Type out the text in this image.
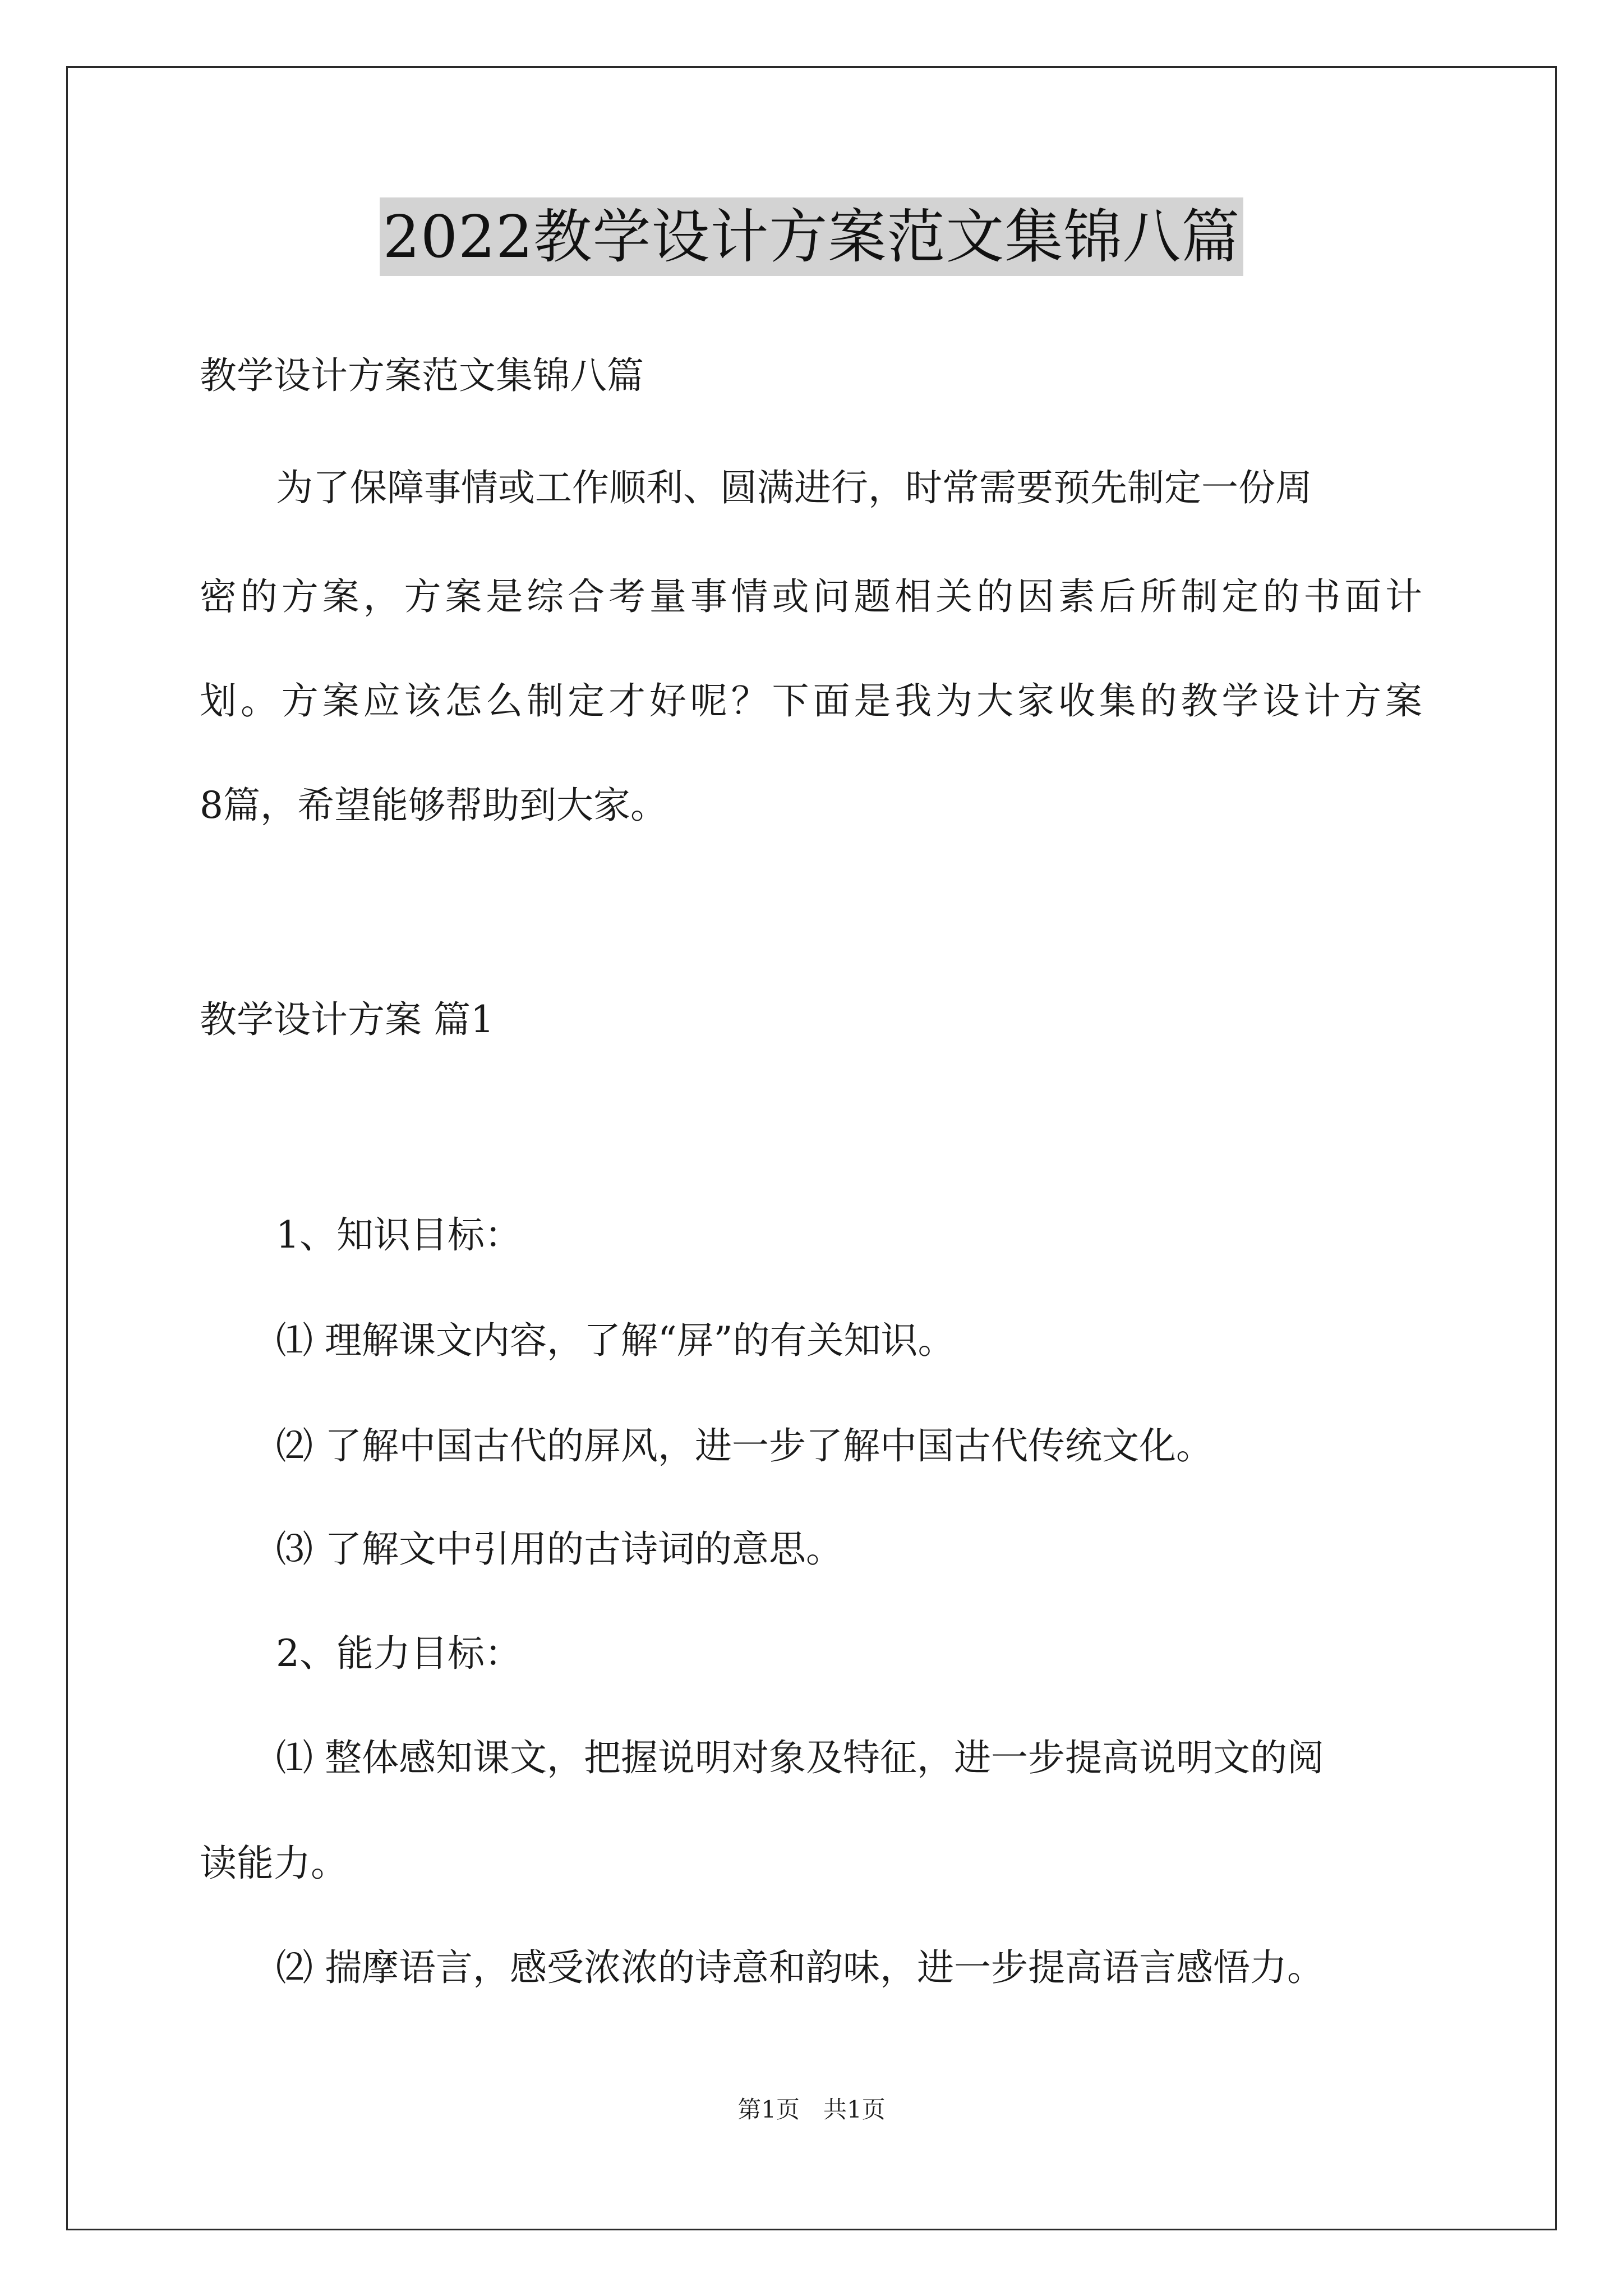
2022教学设计方案范文集锦八篇
教学设计方案范文集锦八篇
为了保障事情或工作顺利、圆满进行，时常需要预先制定一份周
密的方案，方案是综合考量事情或问题相关的因素后所制定的书面计
划。方案应该怎么制定才好呢？下面是我为大家收集的教学设计方案
8篇，希望能够帮助到大家。
教学设计方案 篇1
1、知识目标：
⑴ 理解课文内容，了解“屏”的有关知识。
⑵ 了解中国古代的屏风，进一步了解中国古代传统文化。
⑶ 了解文中引用的古诗词的意思。
2、能力目标：
⑴ 整体感知课文，把握说明对象及特征，进一步提高说明文的阅
读能力。
⑵ 揣摩语言，感受浓浓的诗意和韵味，进一步提高语言感悟力。
第1页　共1页
